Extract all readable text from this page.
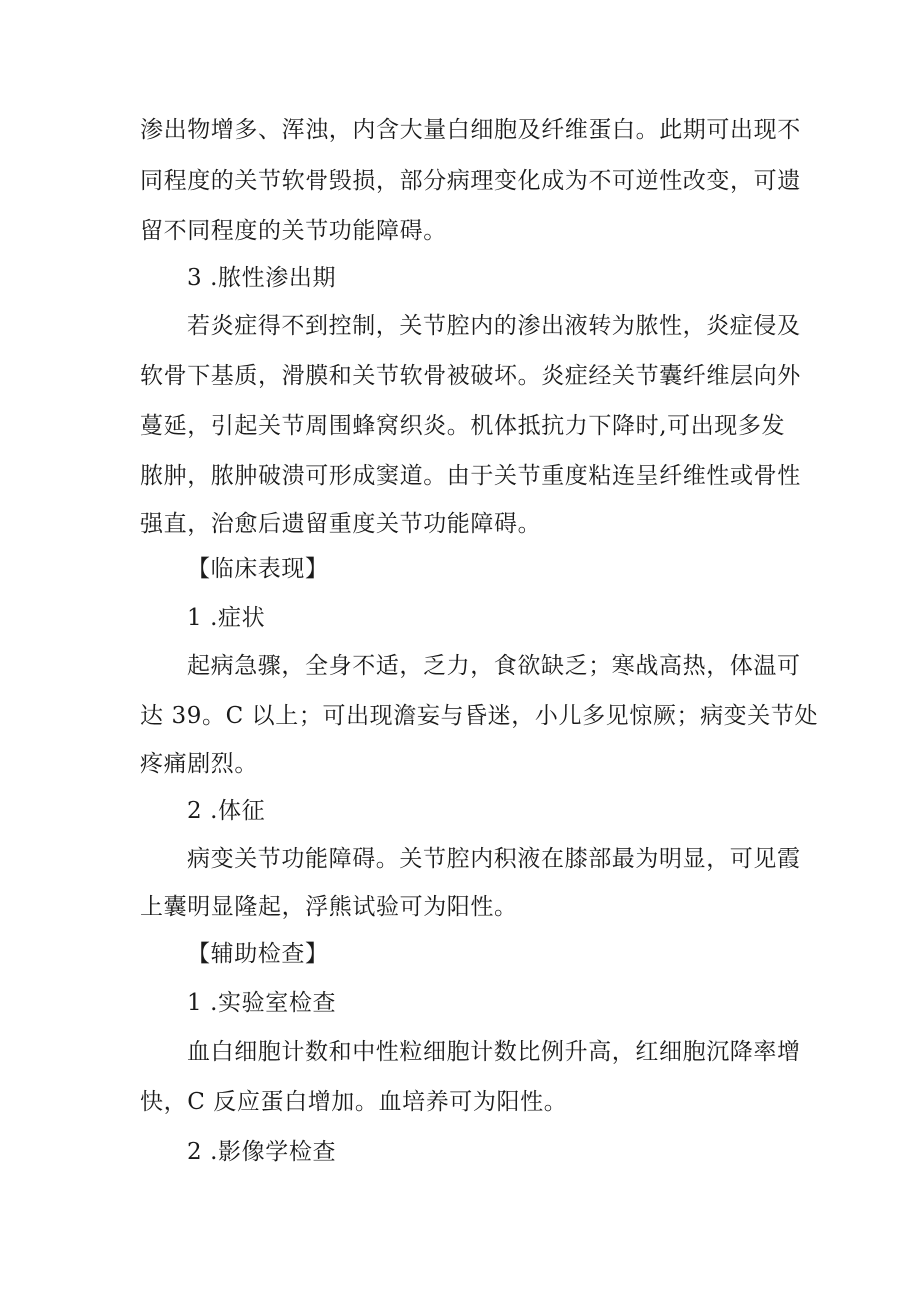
渗出物增多、浑浊，内含大量白细胞及纤维蛋白。此期可出现不
同程度的关节软骨毁损，部分病理变化成为不可逆性改变，可遗
留不同程度的关节功能障碍。
3 .脓性渗出期
若炎症得不到控制，关节腔内的渗出液转为脓性，炎症侵及
软骨下基质，滑膜和关节软骨被破坏。炎症经关节囊纤维层向外
蔓延，引起关节周围蜂窝织炎。机体抵抗力下降时,可出现多发
脓肿，脓肿破溃可形成窦道。由于关节重度粘连呈纤维性或骨性
强直，治愈后遗留重度关节功能障碍。
【临床表现】
1 .症状
起病急骤，全身不适，乏力，食欲缺乏；寒战高热，体温可
达 39。C 以上；可出现澹妄与昏迷，小儿多见惊厥；病变关节处
疼痛剧烈。
2 .体征
病变关节功能障碍。关节腔内积液在膝部最为明显，可见霞
上囊明显隆起，浮熊试验可为阳性。
【辅助检查】
1 .实验室检查
血白细胞计数和中性粒细胞计数比例升高，红细胞沉降率增
快，C 反应蛋白增加。血培养可为阳性。
2 .影像学检查
